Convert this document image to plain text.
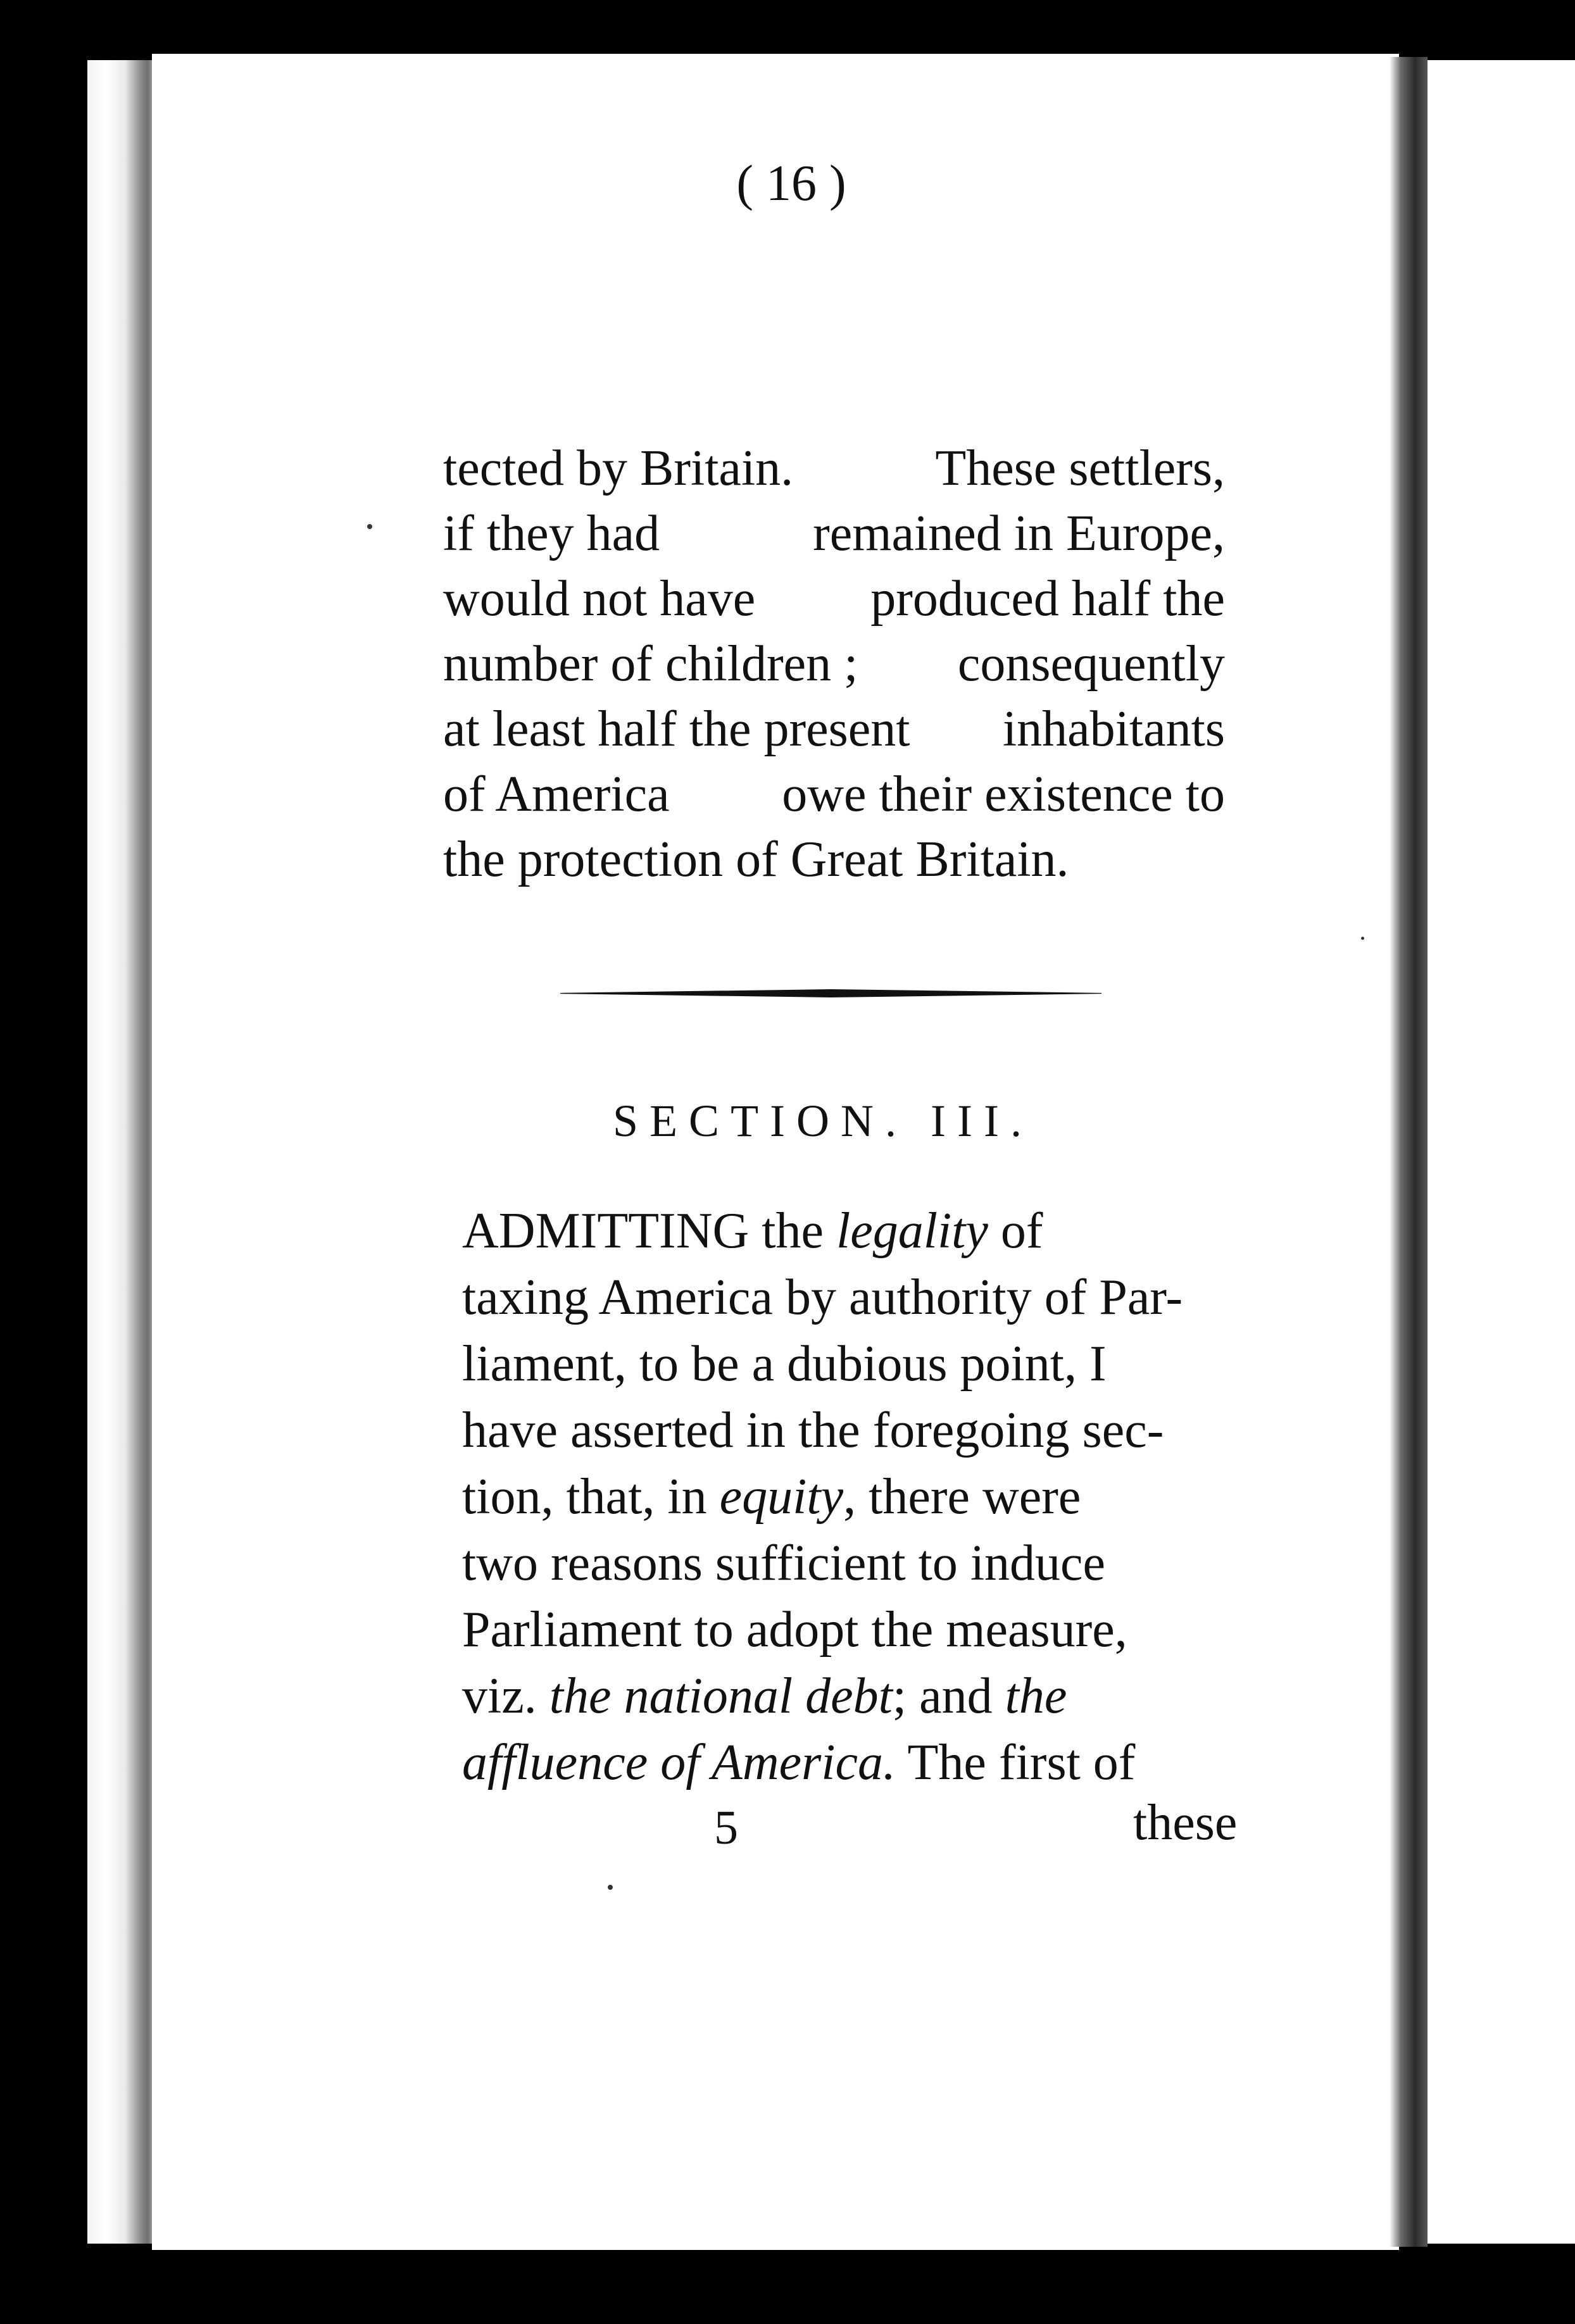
( 16 )
tected by Britain.	These settlers,
if they had	remained in Europe,
would not have produced half the
number of children ; consequently
at least half the present inhabitants
of America owe their existence to
the protection of Great Britain.
SECTION. III.
ADMITTING the legality of
taxing America by authority of Par-
liament, to be a dubious point, I
have asserted in the foregoing sec-
tion, that, in equity, there were
two reasons sufficient to induce
Parliament to adopt the measure,
viz. the national debt; and the
affluence of America. The first of
5	these
